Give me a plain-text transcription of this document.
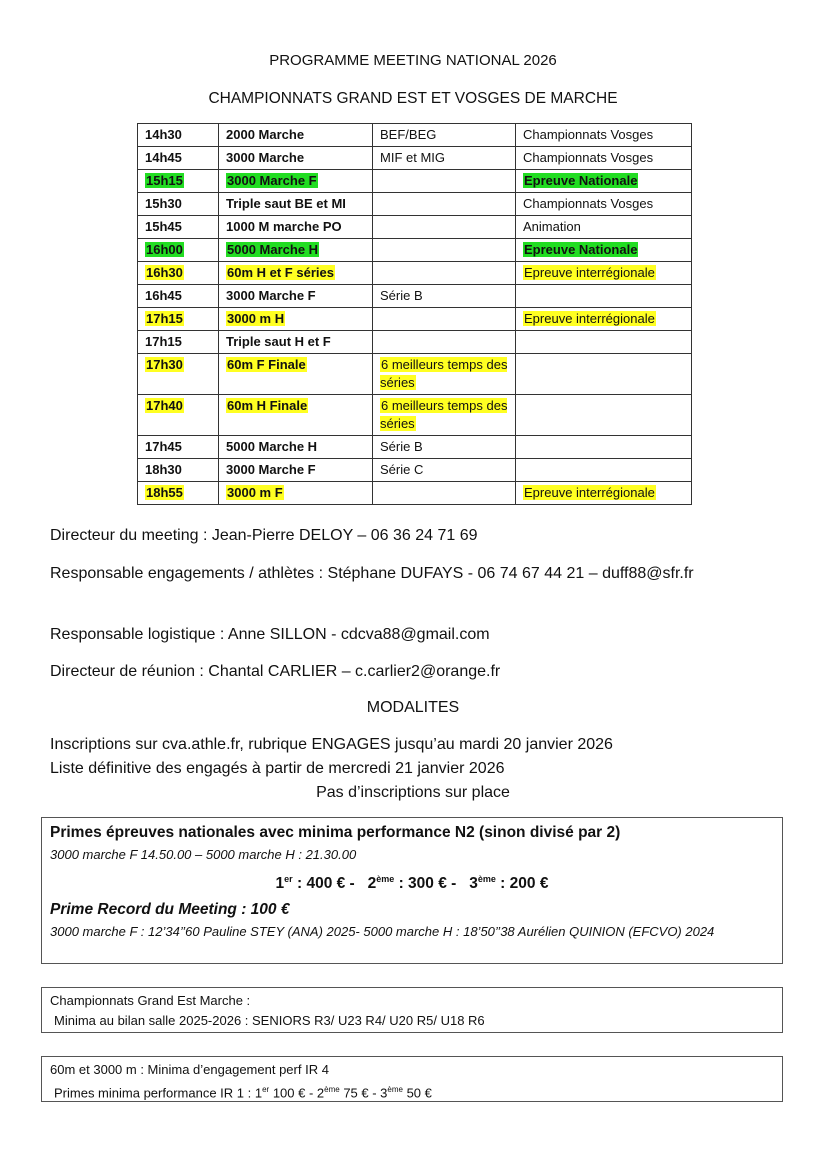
PROGRAMME MEETING NATIONAL 2026
CHAMPIONNATS GRAND EST ET VOSGES DE MARCHE
14h30	2000 Marche	BEF/BEG	Championnats Vosges
14h45	3000 Marche	MIF et MIG	Championnats Vosges
15h15	3000 Marche F		Epreuve Nationale
15h30	Triple saut BE et MI		Championnats Vosges
15h45	1000 M marche PO		Animation
16h00	5000 Marche H		Epreuve Nationale
16h30	60m H et F séries		Epreuve interrégionale
16h45	3000 Marche F	Série B	
17h15	3000 m H		Epreuve interrégionale
17h15	Triple saut H et F		
17h30	60m F Finale	6 meilleurs temps des séries	
17h40	60m H Finale	6 meilleurs temps des séries	
17h45	5000 Marche H	Série B	
18h30	3000 Marche F	Série C	
18h55	3000 m F		Epreuve interrégionale

Directeur du meeting : Jean-Pierre DELOY – 06 36 24 71 69

Responsable engagements / athlètes : Stéphane DUFAYS - 06 74 67 44 21 – duff88@sfr.fr

Responsable logistique : Anne SILLON - cdcva88@gmail.com

Directeur de réunion : Chantal CARLIER – c.carlier2@orange.fr

MODALITES

Inscriptions sur cva.athle.fr, rubrique ENGAGES jusqu’au mardi 20 janvier 2026

Liste définitive des engagés à partir de mercredi 21 janvier 2026

Pas d’inscriptions sur place
Primes épreuves nationales avec minima performance N2 (sinon divisé par 2)
3000 marche F 14.50.00 – 5000 marche H : 21.30.00
1er : 400 € - 2ème : 300 € - 3ème : 200 €
Prime Record du Meeting : 100 €
3000 marche F : 12’34’’60 Pauline STEY (ANA) 2025- 5000 marche H : 18’50’’38 Aurélien QUINION (EFCVO) 2024
Championnats Grand Est Marche :
Minima au bilan salle 2025-2026 : SENIORS R3/ U23 R4/ U20 R5/ U18 R6
60m et 3000 m : Minima d’engagement perf IR 4
Primes minima performance IR 1 : 1er 100 € - 2ème 75 € - 3ème 50 €
